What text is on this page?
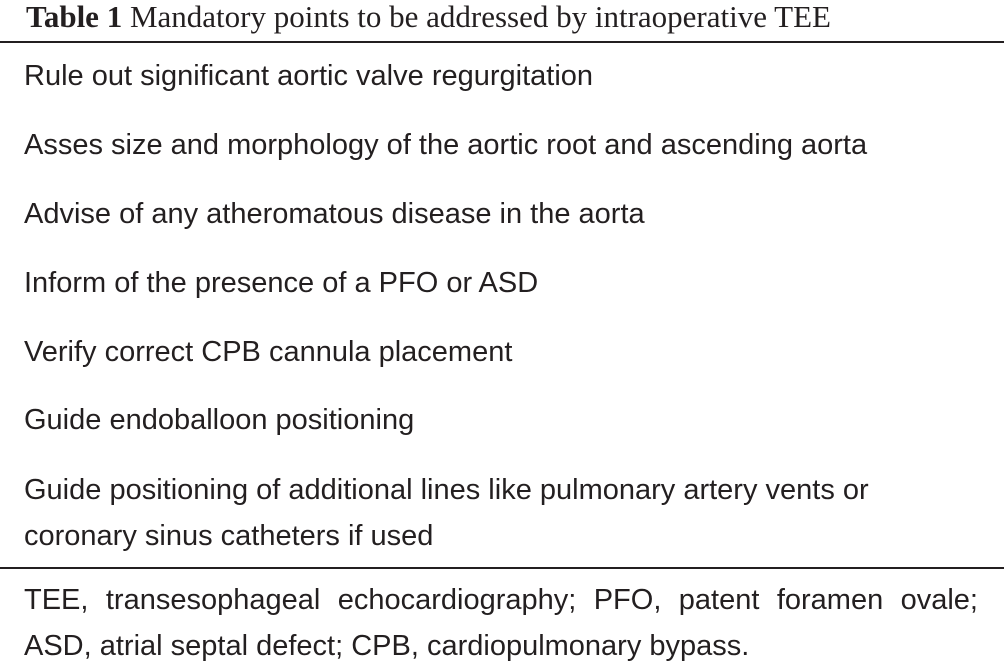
Table 1 Mandatory points to be addressed by intraoperative TEE
Rule out significant aortic valve regurgitation
Asses size and morphology of the aortic root and ascending aorta
Advise of any atheromatous disease in the aorta
Inform of the presence of a PFO or ASD
Verify correct CPB cannula placement
Guide endoballoon positioning
Guide positioning of additional lines like pulmonary artery vents or
coronary sinus catheters if used
TEE, transesophageal echocardiography; PFO, patent foramen ovale; ASD, atrial septal defect; CPB, cardiopulmonary bypass.
